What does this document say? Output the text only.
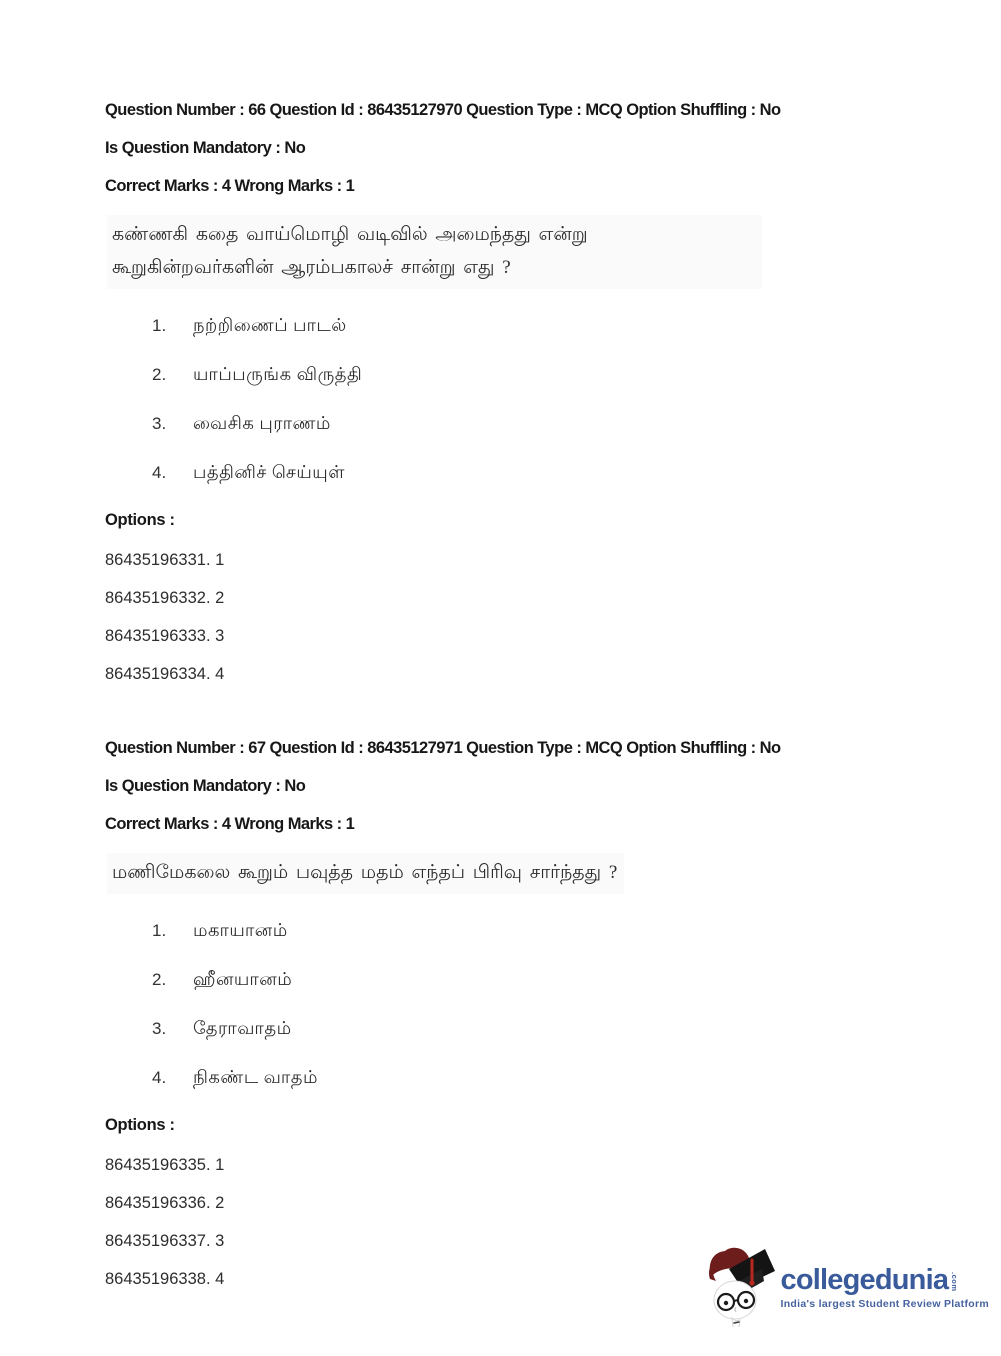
Question Number : 66 Question Id : 86435127970 Question Type : MCQ Option Shuffling : No

Is Question Mandatory : No

Correct Marks : 4 Wrong Marks : 1

கண்ணகி கதை வாய்மொழி வடிவில் அமைந்தது என்று கூறுகின்றவர்களின் ஆரம்பகாலச் சான்று எது ?
1.	நற்றிணைப் பாடல்
2.	யாப்பருங்க விருத்தி
3.	வைசிக புராணம்
4.	பத்தினிச் செய்யுள்

Options :

86435196331. 1

86435196332. 2

86435196333. 3

86435196334. 4

Question Number : 67 Question Id : 86435127971 Question Type : MCQ Option Shuffling : No

Is Question Mandatory : No

Correct Marks : 4 Wrong Marks : 1

மணிமேகலை கூறும் பவுத்த மதம் எந்தப் பிரிவு சார்ந்தது ?
1.	மகாயானம்
2.	ஹீனயானம்
3.	தேராவாதம்
4.	நிகண்ட வாதம்

Options :

86435196335. 1

86435196336. 2

86435196337. 3

86435196338. 4	collegedunia .com
India's largest Student Review Platform
